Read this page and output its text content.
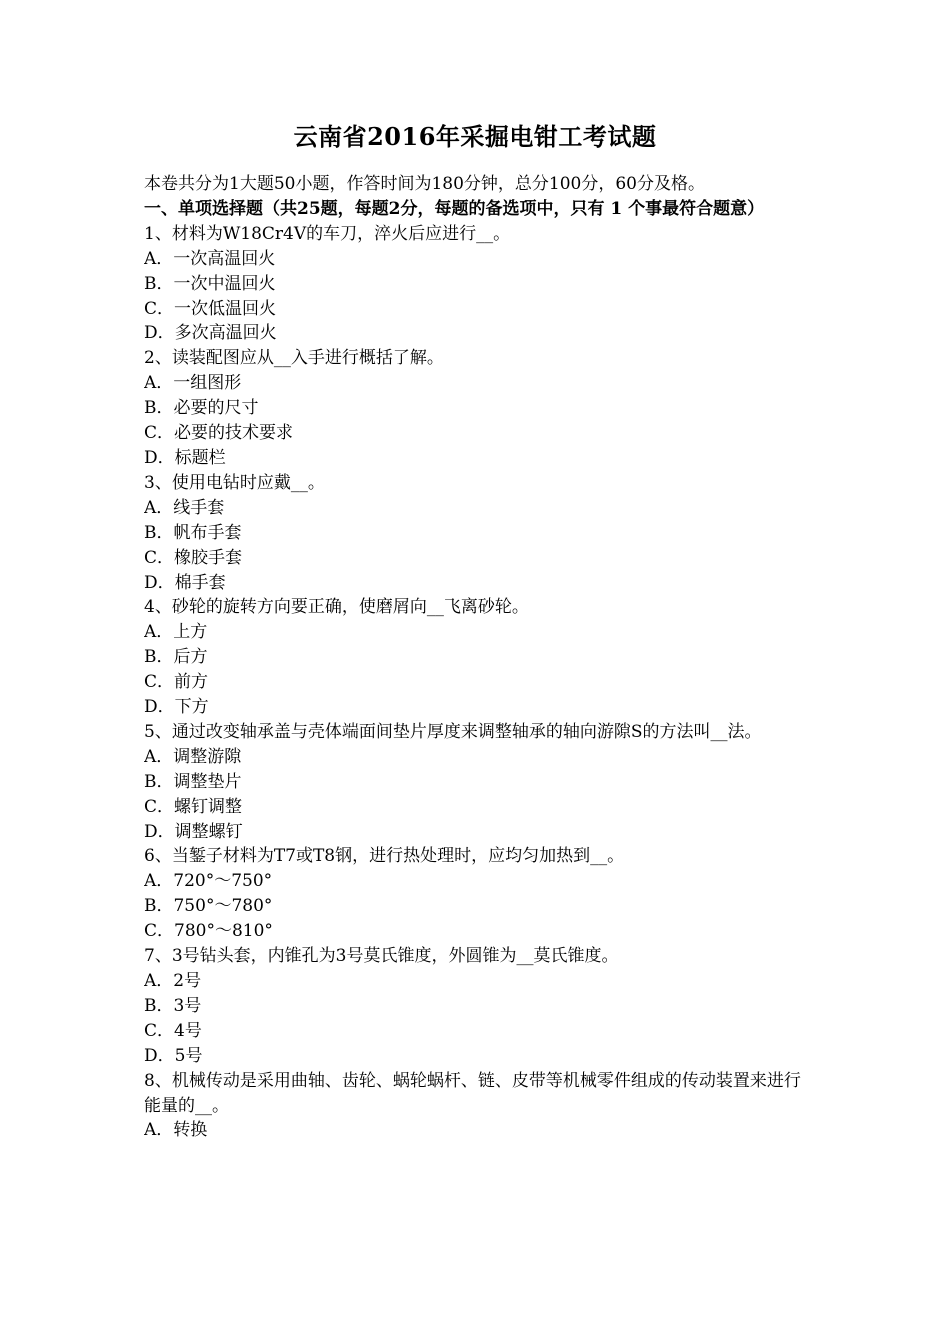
云南省2016年采掘电钳工考试题
本卷共分为1大题50小题，作答时间为180分钟，总分100分，60分及格。
一、单项选择题（共25题，每题2分，每题的备选项中，只有 1 个事最符合题意）
1、材料为W18Cr4V的车刀，淬火后应进行__。
A．一次高温回火
B．一次中温回火
C．一次低温回火
D．多次高温回火
2、读装配图应从__入手进行概括了解。
A．一组图形
B．必要的尺寸
C．必要的技术要求
D．标题栏
3、使用电钻时应戴__。
A．线手套
B．帆布手套
C．橡胶手套
D．棉手套
4、砂轮的旋转方向要正确，使磨屑向__飞离砂轮。
A．上方
B．后方
C．前方
D．下方
5、通过改变轴承盖与壳体端面间垫片厚度来调整轴承的轴向游隙S的方法叫__法。
A．调整游隙
B．调整垫片
C．螺钉调整
D．调整螺钉
6、当錾子材料为T7或T8钢，进行热处理时，应均匀加热到__。
A．720°～750°
B．750°～780°
C．780°～810°
7、3号钻头套，内锥孔为3号莫氏锥度，外圆锥为__莫氏锥度。
A．2号
B．3号
C．4号
D．5号
8、机械传动是采用曲轴、齿轮、蜗轮蜗杆、链、皮带等机械零件组成的传动装置来进行能量的__。
A．转换
